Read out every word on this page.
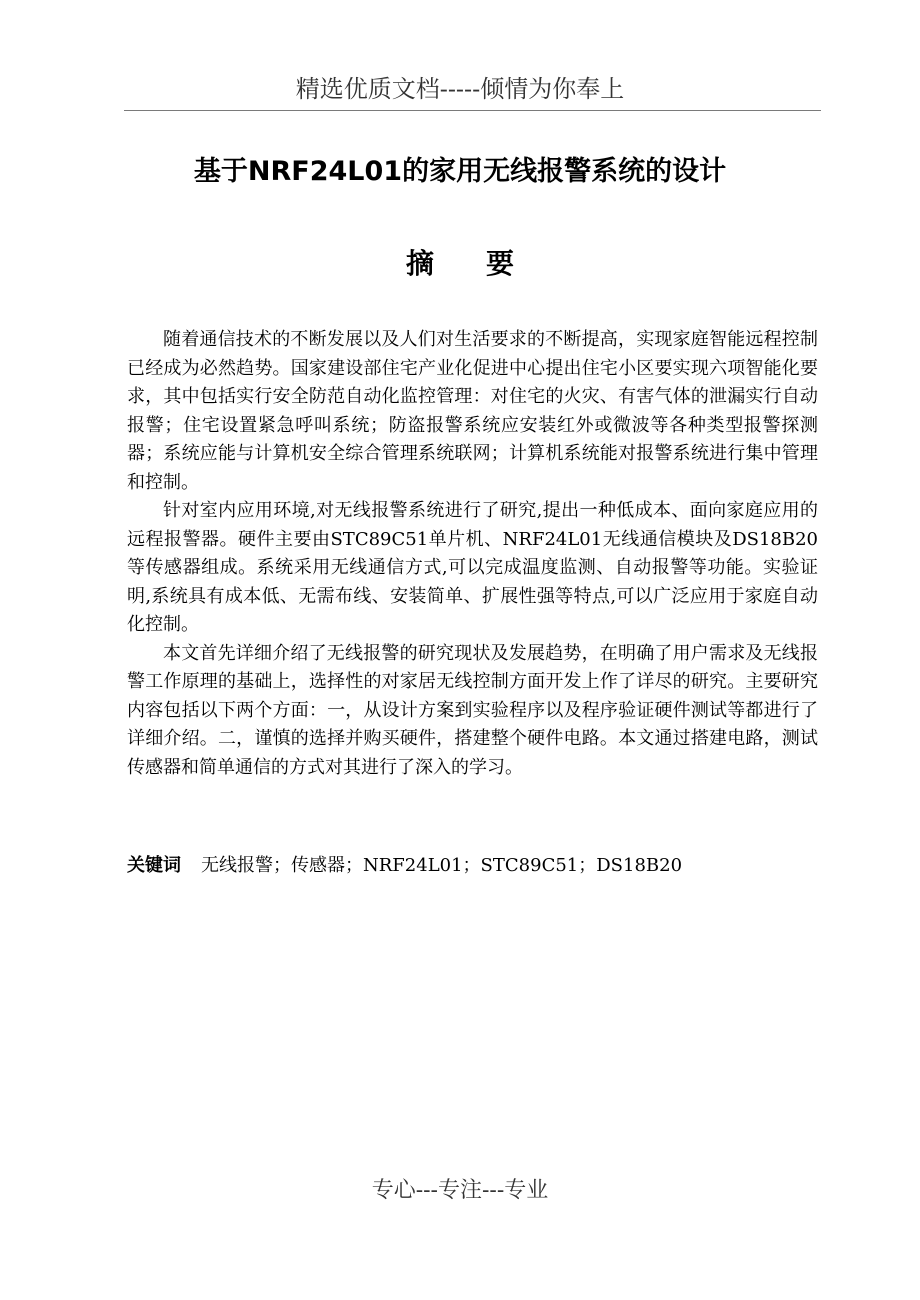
精选优质文档-----倾情为你奉上
基于NRF24L01的家用无线报警系统的设计
摘要

随着通信技术的不断发展以及人们对生活要求的不断提高，实现家庭智能远程控制已经成为必然趋势。国家建设部住宅产业化促进中心提出住宅小区要实现六项智能化要求，其中包括实行安全防范自动化监控管理：对住宅的火灾、有害气体的泄漏实行自动报警；住宅设置紧急呼叫系统；防盗报警系统应安装红外或微波等各种类型报警探测器；系统应能与计算机安全综合管理系统联网；计算机系统能对报警系统进行集中管理和控制。

针对室内应用环境,对无线报警系统进行了研究,提出一种低成本、面向家庭应用的远程报警器。硬件主要由STC89C51单片机、NRF24L01无线通信模块及DS18B20等传感器组成。系统采用无线通信方式,可以完成温度监测、自动报警等功能。实验证明,系统具有成本低、无需布线、安装简单、扩展性强等特点,可以广泛应用于家庭自动化控制。

本文首先详细介绍了无线报警的研究现状及发展趋势，在明确了用户需求及无线报警工作原理的基础上，选择性的对家居无线控制方面开发上作了详尽的研究。主要研究内容包括以下两个方面：一，从设计方案到实验程序以及程序验证硬件测试等都进行了详细介绍。二，谨慎的选择并购买硬件，搭建整个硬件电路。本文通过搭建电路，测试传感器和简单通信的方式对其进行了深入的学习。

关键词 无线报警；传感器；NRF24L01；STC89C51；DS18B20
专心---专注---专业
